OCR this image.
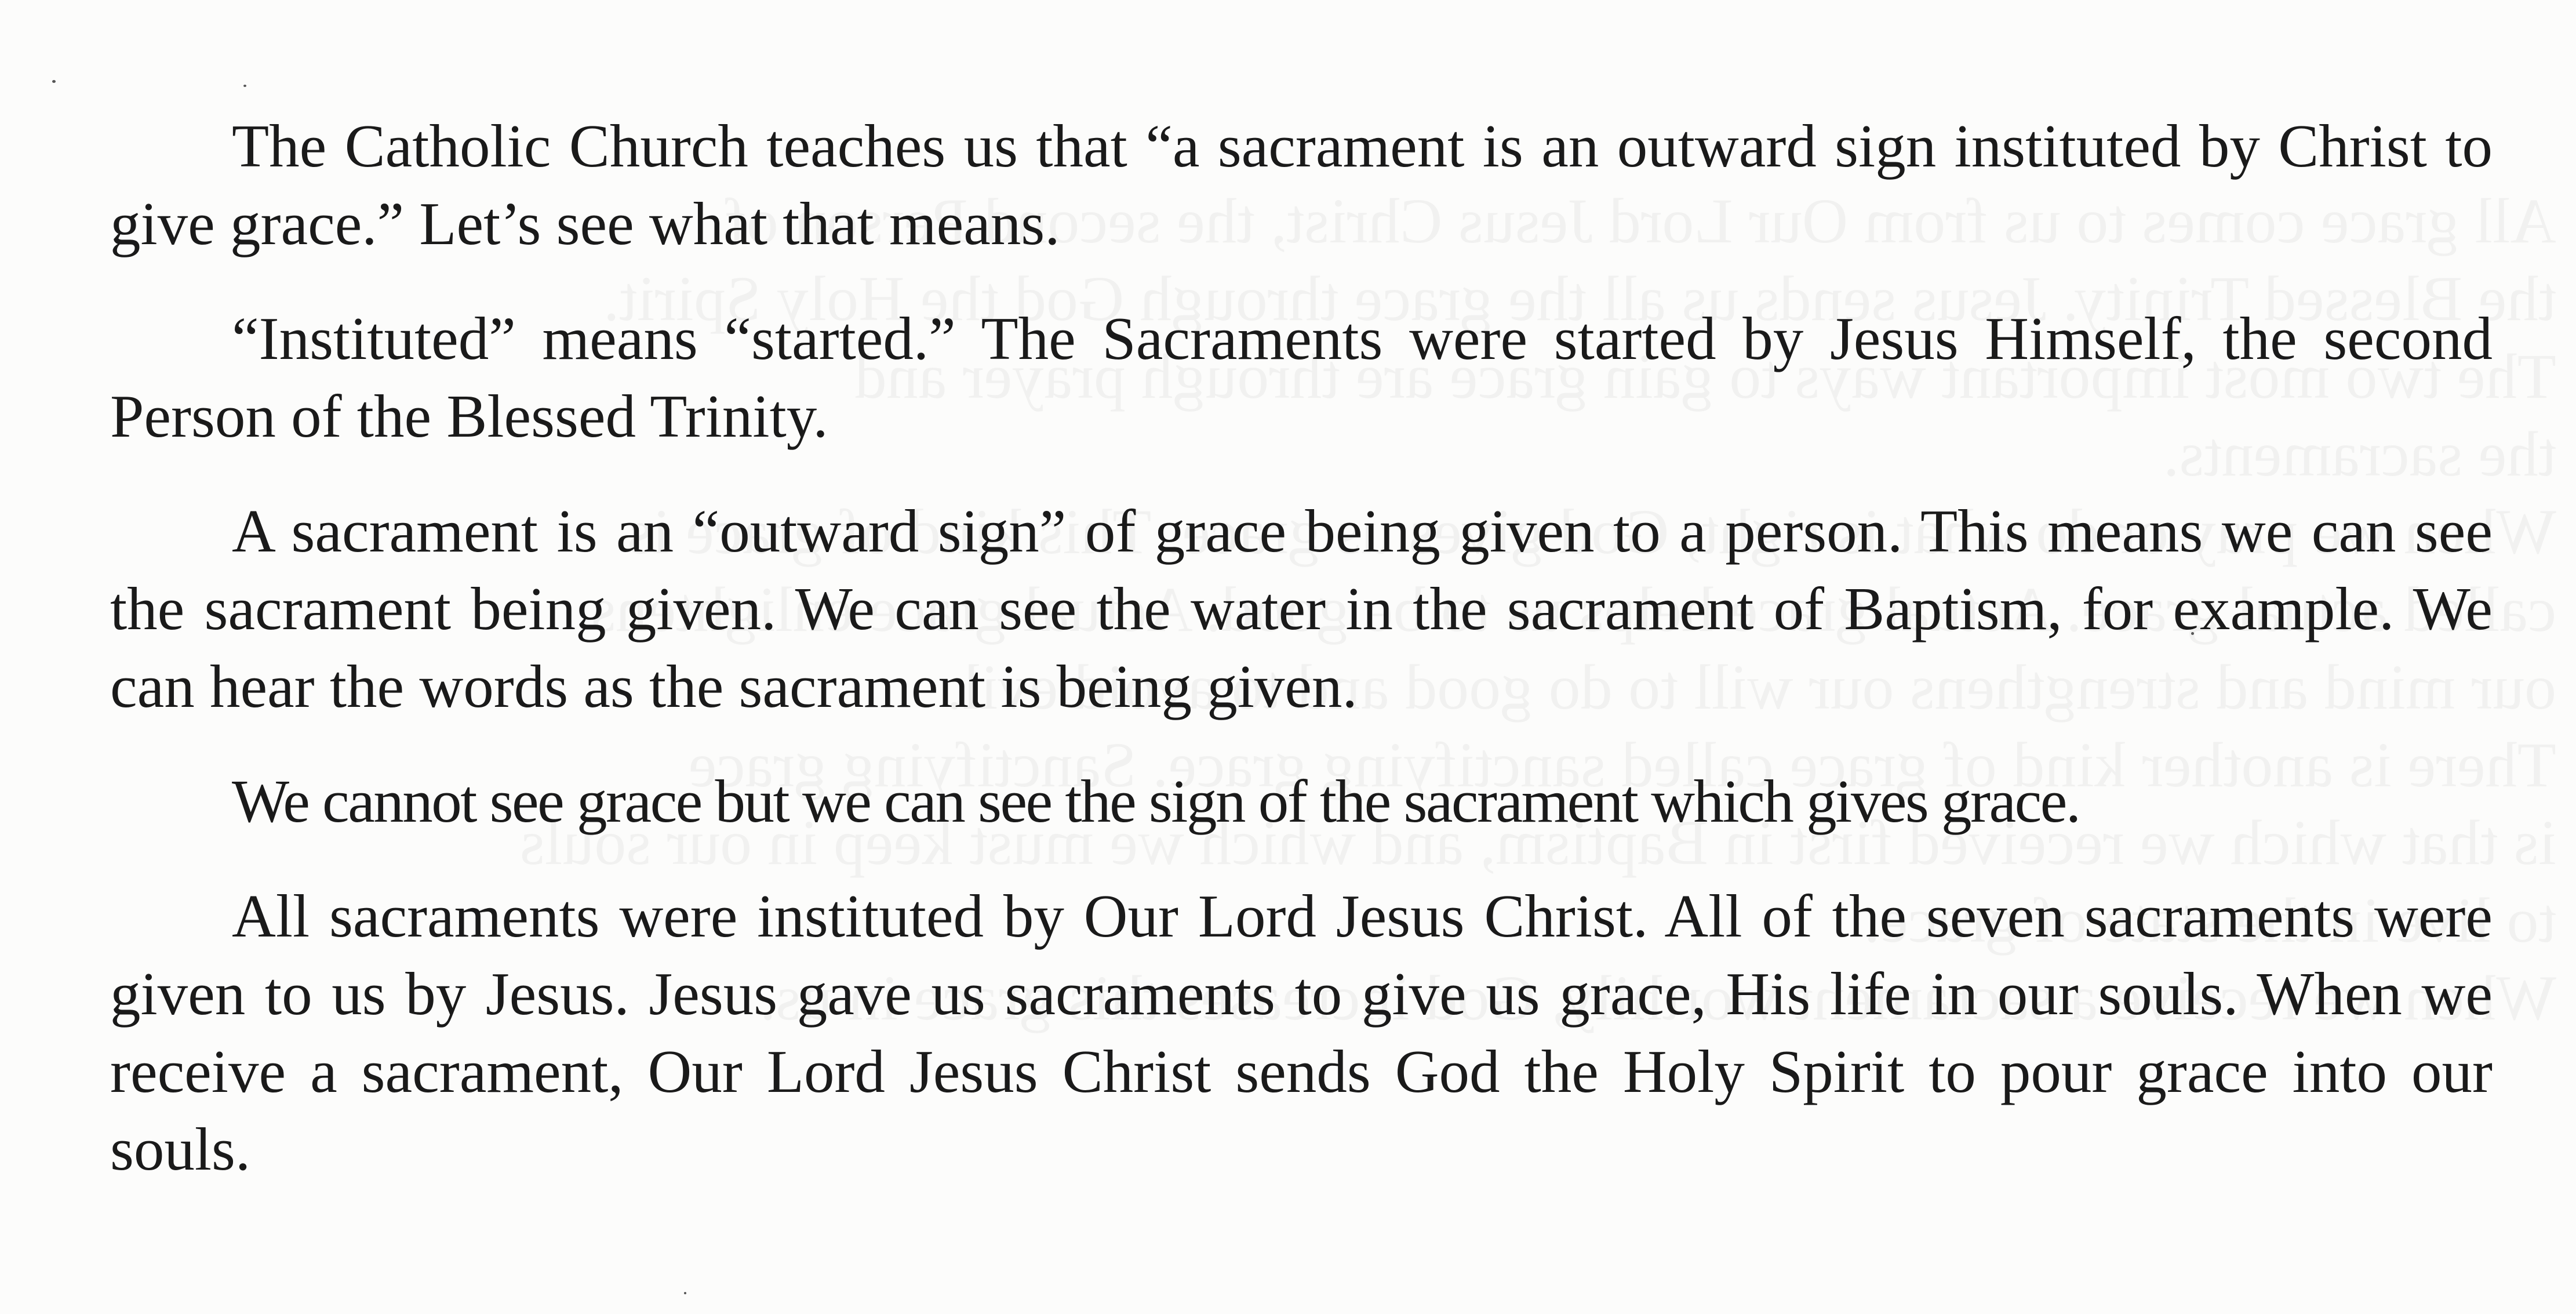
The Catholic Church teaches us that “a sacrament is an outward sign instituted by Christ to give grace.” Let’s see what that means.

“Instituted” means “started.” The Sacraments were started by Jesus Himself, the second Person of the Blessed Trinity.

A sacrament is an “outward sign” of grace being given to a person. This means we can see the sacrament being given. We can see the water in the sacrament of Baptism, for example. We can hear the words as the sacrament is being given.

We cannot see grace but we can see the sign of the sacrament which gives grace.

All sacraments were instituted by Our Lord Jesus Christ. All of the seven sacraments were given to us by Jesus. Jesus gave us sacraments to give us grace, His life in our souls. When we receive a sacrament, Our Lord Jesus Christ sends God the Holy Spirit to pour grace into our souls.
